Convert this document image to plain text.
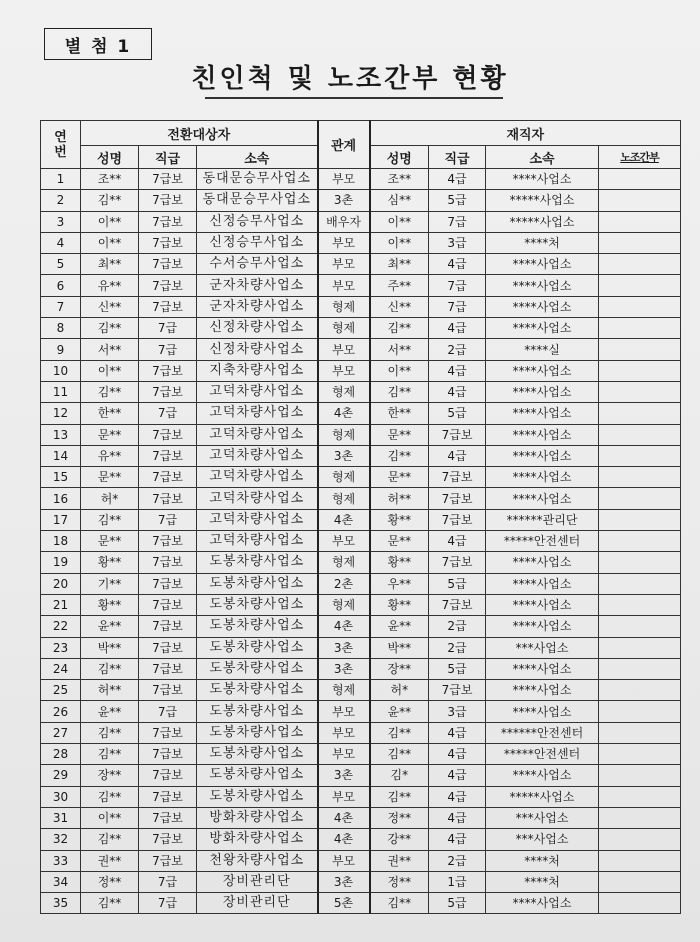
별 첨 1
친인척 및 노조간부 현황
연
번	전환대상자			관계	재직자			
	성명	직급	소속		성명	직급	소속	노조간부
1	조**	7급보	동대문승무사업소	부모	조**	4급	****사업소	
2	김**	7급보	동대문승무사업소	3촌	심**	5급	*****사업소	
3	이**	7급보	신정승무사업소	배우자	이**	7급	*****사업소	
4	이**	7급보	신정승무사업소	부모	이**	3급	****처	
5	최**	7급보	수서승무사업소	부모	최**	4급	****사업소	
6	유**	7급보	군자차량사업소	부모	주**	7급	****사업소	
7	신**	7급보	군자차량사업소	형제	신**	7급	****사업소	
8	김**	7급	신정차량사업소	형제	김**	4급	****사업소	
9	서**	7급	신정차량사업소	부모	서**	2급	****실	
10	이**	7급보	지축차량사업소	부모	이**	4급	****사업소	
11	김**	7급보	고덕차량사업소	형제	김**	4급	****사업소	
12	한**	7급	고덕차량사업소	4촌	한**	5급	****사업소	
13	문**	7급보	고덕차량사업소	형제	문**	7급보	****사업소	
14	유**	7급보	고덕차량사업소	3촌	김**	4급	****사업소	
15	문**	7급보	고덕차량사업소	형제	문**	7급보	****사업소	
16	허*	7급보	고덕차량사업소	형제	허**	7급보	****사업소	
17	김**	7급	고덕차량사업소	4촌	황**	7급보	******관리단	
18	문**	7급보	고덕차량사업소	부모	문**	4급	*****안전센터	
19	황**	7급보	도봉차량사업소	형제	황**	7급보	****사업소	
20	기**	7급보	도봉차량사업소	2촌	우**	5급	****사업소	
21	황**	7급보	도봉차량사업소	형제	황**	7급보	****사업소	
22	윤**	7급보	도봉차량사업소	4촌	윤**	2급	****사업소	
23	박**	7급보	도봉차량사업소	3촌	박**	2급	***사업소	
24	김**	7급보	도봉차량사업소	3촌	장**	5급	****사업소	
25	허**	7급보	도봉차량사업소	형제	허*	7급보	****사업소	
26	윤**	7급	도봉차량사업소	부모	윤**	3급	****사업소	
27	김**	7급보	도봉차량사업소	부모	김**	4급	******안전센터	
28	김**	7급보	도봉차량사업소	부모	김**	4급	*****안전센터	
29	장**	7급보	도봉차량사업소	3촌	김*	4급	****사업소	
30	김**	7급보	도봉차량사업소	부모	김**	4급	*****사업소	
31	이**	7급보	방화차량사업소	4촌	정**	4급	***사업소	
32	김**	7급보	방화차량사업소	4촌	강**	4급	***사업소	
33	권**	7급보	천왕차량사업소	부모	권**	2급	****처	
34	정**	7급	장비관리단	3촌	정**	1급	****처	
35	김**	7급	장비관리단	5촌	김**	5급	****사업소	
